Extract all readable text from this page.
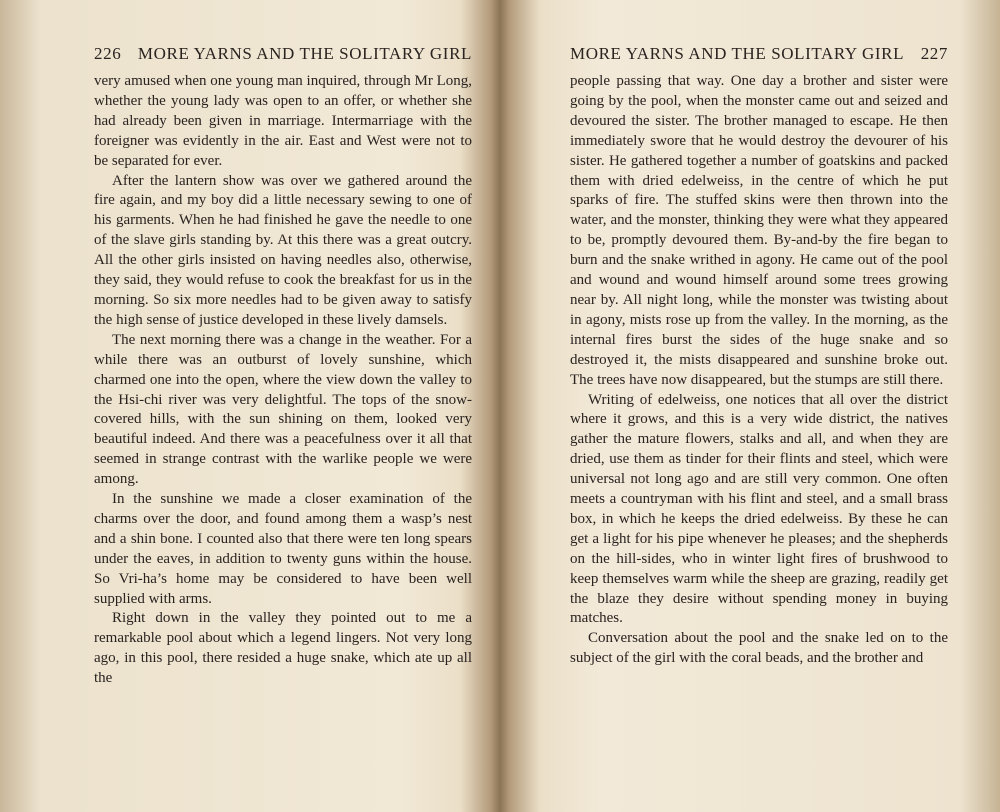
226 MORE YARNS AND THE SOLITARY GIRL

very amused when one young man inquired, through Mr Long, whether the young lady was open to an offer, or whether she had already been given in marriage. Intermarriage with the foreigner was evidently in the air. East and West were not to be separated for ever.

After the lantern show was over we gathered around the fire again, and my boy did a little necessary sewing to one of his garments. When he had finished he gave the needle to one of the slave girls standing by. At this there was a great outcry. All the other girls insisted on having needles also, otherwise, they said, they would refuse to cook the breakfast for us in the morning. So six more needles had to be given away to satisfy the high sense of justice developed in these lively damsels.

The next morning there was a change in the weather. For a while there was an outburst of lovely sunshine, which charmed one into the open, where the view down the valley to the Hsi-chi river was very delightful. The tops of the snow-covered hills, with the sun shining on them, looked very beautiful indeed. And there was a peacefulness over it all that seemed in strange contrast with the warlike people we were among.

In the sunshine we made a closer examination of the charms over the door, and found among them a wasp’s nest and a shin bone. I counted also that there were ten long spears under the eaves, in addition to twenty guns within the house. So Vri-ha’s home may be considered to have been well supplied with arms.

Right down in the valley they pointed out to me a remarkable pool about which a legend lingers. Not very long ago, in this pool, there resided a huge snake, which ate up all the

MORE YARNS AND THE SOLITARY GIRL 227

people passing that way. One day a brother and sister were going by the pool, when the monster came out and seized and devoured the sister. The brother managed to escape. He then immediately swore that he would destroy the devourer of his sister. He gathered together a number of goatskins and packed them with dried edelweiss, in the centre of which he put sparks of fire. The stuffed skins were then thrown into the water, and the monster, thinking they were what they appeared to be, promptly devoured them. By-and-by the fire began to burn and the snake writhed in agony. He came out of the pool and wound and wound himself around some trees growing near by. All night long, while the monster was twisting about in agony, mists rose up from the valley. In the morning, as the internal fires burst the sides of the huge snake and so destroyed it, the mists disappeared and sunshine broke out. The trees have now disappeared, but the stumps are still there.

Writing of edelweiss, one notices that all over the district where it grows, and this is a very wide district, the natives gather the mature flowers, stalks and all, and when they are dried, use them as tinder for their flints and steel, which were universal not long ago and are still very common. One often meets a countryman with his flint and steel, and a small brass box, in which he keeps the dried edelweiss. By these he can get a light for his pipe whenever he pleases; and the shepherds on the hill-sides, who in winter light fires of brushwood to keep themselves warm while the sheep are grazing, readily get the blaze they desire without spending money in buying matches.

Conversation about the pool and the snake led on to the subject of the girl with the coral beads, and the brother and
